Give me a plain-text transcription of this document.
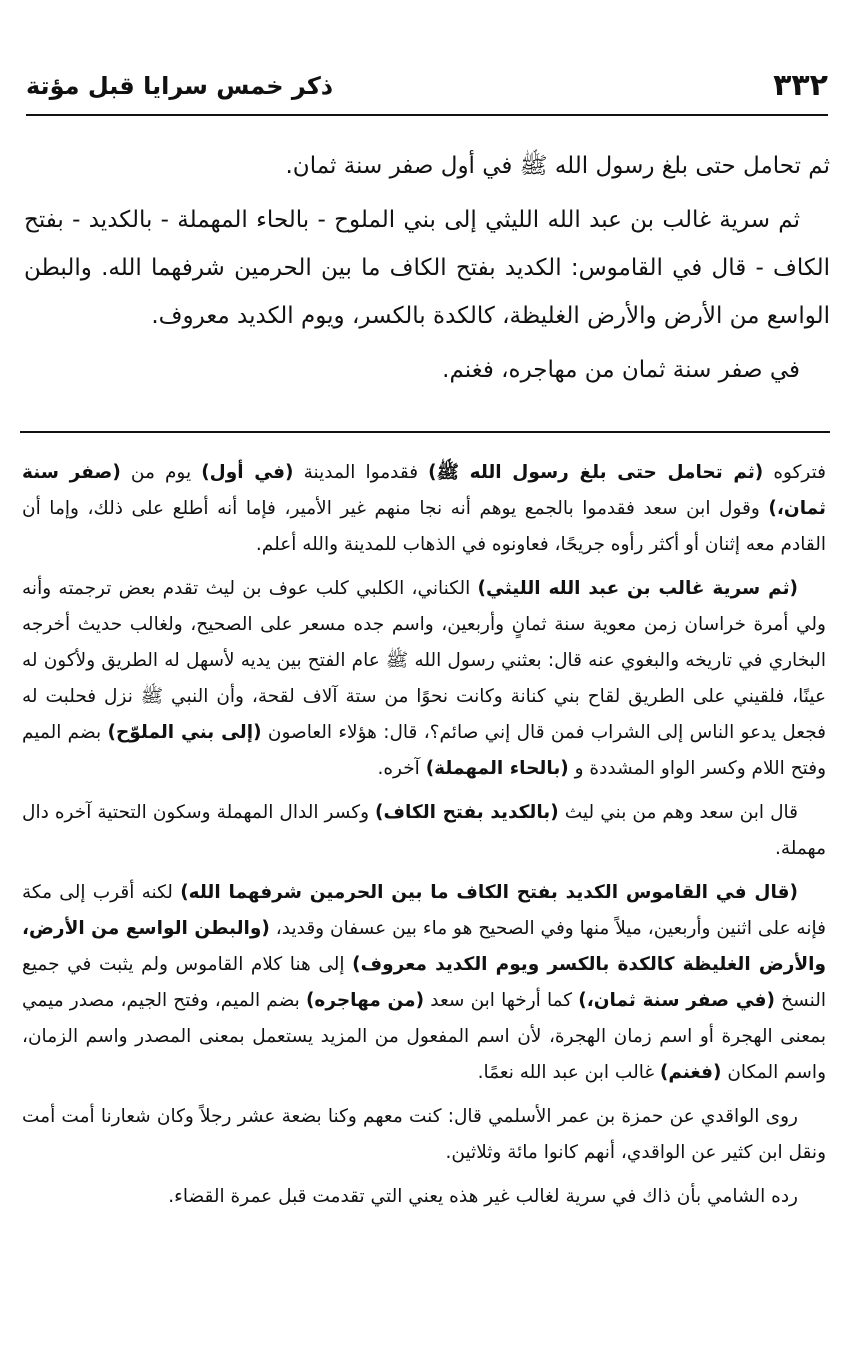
٣٣٢
ذكر خمس سرايا قبل مؤتة

ثم تحامل حتى بلغ رسول الله ﷺ في أول صفر سنة ثمان.

ثم سرية غالب بن عبد الله الليثي إلى بني الملوح - بالحاء المهملة - بالكديد - بفتح الكاف - قال في القاموس: الكديد بفتح الكاف ما بين الحرمين شرفهما الله. والبطن الواسع من الأرض والأرض الغليظة، كالكدة بالكسر، ويوم الكديد معروف.

في صفر سنة ثمان من مهاجره، فغنم.

فتركوه (ثم تحامل حتى بلغ رسول الله ﷺ) فقدموا المدينة (في أول) يوم من (صفر سنة ثمان،) وقول ابن سعد فقدموا بالجمع يوهم أنه نجا منهم غير الأمير، فإما أنه أطلع على ذلك، وإما أن القادم معه إثنان أو أكثر رأوه جريحًا، فعاونوه في الذهاب للمدينة والله أعلم.

(ثم سرية غالب بن عبد الله الليثي) الكناني، الكلبي كلب عوف بن ليث تقدم بعض ترجمته وأنه ولي أمرة خراسان زمن معوية سنة ثمانٍ وأربعين، واسم جده مسعر على الصحيح، ولغالب حديث أخرجه البخاري في تاريخه والبغوي عنه قال: بعثني رسول الله ﷺ عام الفتح بين يديه لأسهل له الطريق ولأكون له عينًا، فلقيني على الطريق لقاح بني كنانة وكانت نحوًا من ستة آلاف لقحة، وأن النبي ﷺ نزل فحلبت له فجعل يدعو الناس إلى الشراب فمن قال إني صائم؟، قال: هؤلاء العاصون (إلى بني الملوّح) بضم الميم وفتح اللام وكسر الواو المشددة و (بالحاء المهملة) آخره.

قال ابن سعد وهم من بني ليث (بالكديد بفتح الكاف) وكسر الدال المهملة وسكون التحتية آخره دال مهملة.

(قال في القاموس الكديد بفتح الكاف ما بين الحرمين شرفهما الله) لكنه أقرب إلى مكة فإنه على اثنين وأربعين، ميلاً منها وفي الصحيح هو ماء بين عسفان وقديد، (والبطن الواسع من الأرض، والأرض الغليظة كالكدة بالكسر ويوم الكديد معروف) إلى هنا كلام القاموس ولم يثبت في جميع النسخ (في صفر سنة ثمان،) كما أرخها ابن سعد (من مهاجره) بضم الميم، وفتح الجيم، مصدر ميمي بمعنى الهجرة أو اسم زمان الهجرة، لأن اسم المفعول من المزيد يستعمل بمعنى المصدر واسم الزمان، واسم المكان (فغنم) غالب ابن عبد الله نعمًا.

روى الواقدي عن حمزة بن عمر الأسلمي قال: كنت معهم وكنا بضعة عشر رجلاً وكان شعارنا أمت أمت ونقل ابن كثير عن الواقدي، أنهم كانوا مائة وثلاثين.

رده الشامي بأن ذاك في سرية لغالب غير هذه يعني التي تقدمت قبل عمرة القضاء.
